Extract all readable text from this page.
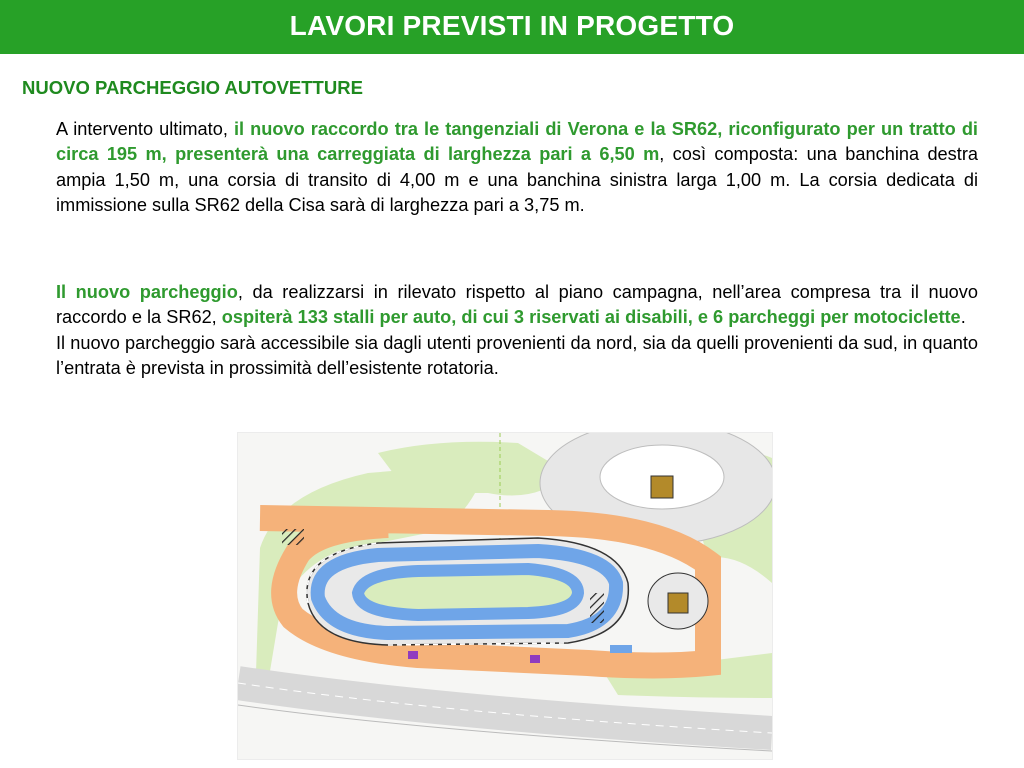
LAVORI PREVISTI IN PROGETTO
NUOVO PARCHEGGIO AUTOVETTURE

A intervento ultimato, il nuovo raccordo tra le tangenziali di Verona e la SR62, riconfigurato per un tratto di circa 195 m, presenterà una carreggiata di larghezza pari a 6,50 m, così composta: una banchina destra ampia 1,50 m, una corsia di transito di 4,00 m e una banchina sinistra larga 1,00 m. La corsia dedicata di immissione sulla SR62 della Cisa sarà di larghezza pari a 3,75 m.

Il nuovo parcheggio, da realizzarsi in rilevato rispetto al piano campagna, nell’area compresa tra il nuovo raccordo e la SR62, ospiterà 133 stalli per auto, di cui 3 riservati ai disabili, e 6 parcheggi per motociclette.
Il nuovo parcheggio sarà accessibile sia dagli utenti provenienti da nord, sia da quelli provenienti da sud, in quanto l’entrata è prevista in prossimità dell’esistente rotatoria.
